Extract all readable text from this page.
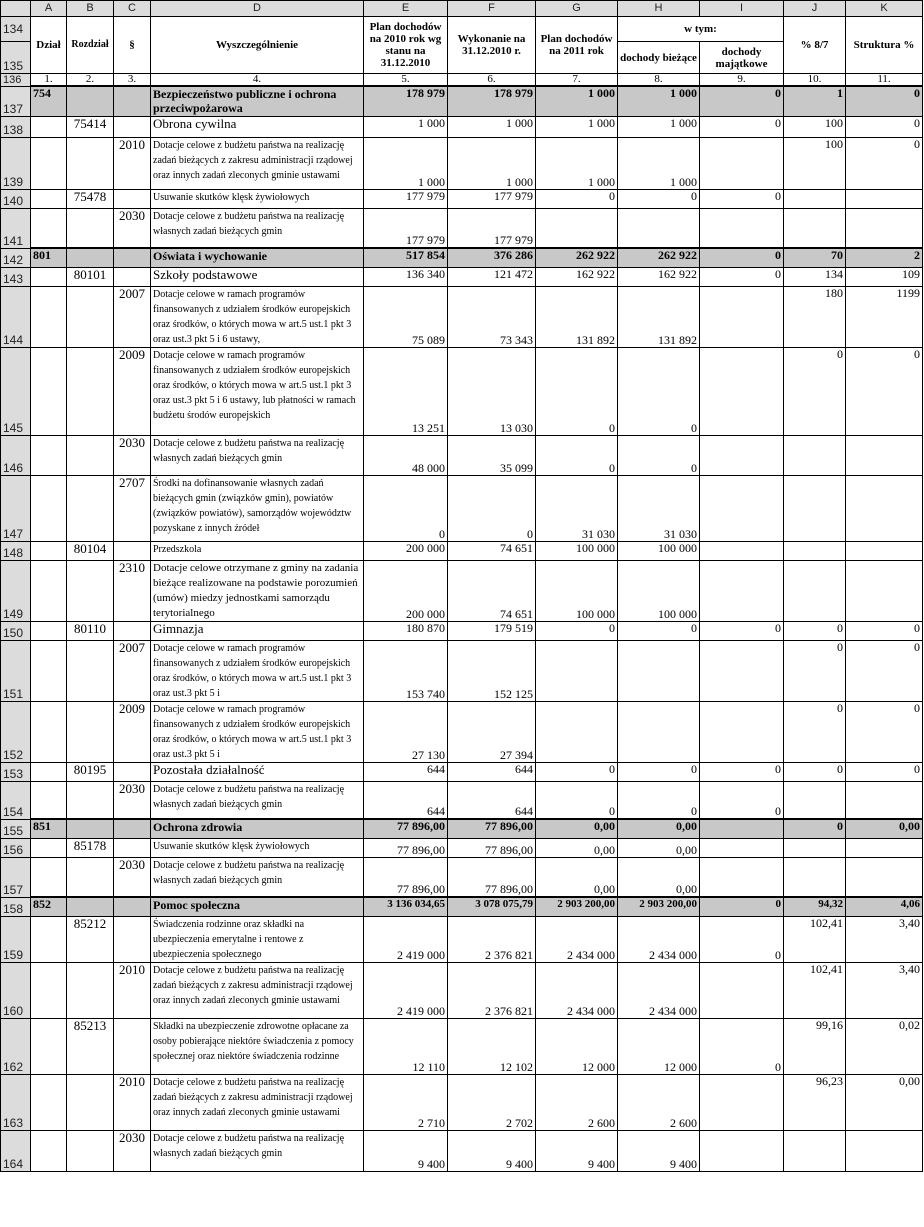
	A	B	C	D	E	F	G	H	I	J	K
134	Dział	Rozdział	§	Wyszczególnienie	Plan dochodów na 2010 rok wg stanu na 31.12.2010	Wykonanie na 31.12.2010 r.	Plan dochodów na 2011 rok	w tym:		% 8/7	Struktura %
135								dochody bieżące	dochody majątkowe		
136	1.	2.	3.	4.	5.	6.	7.	8.	9.	10.	11.
137	754			Bezpieczeństwo publiczne i ochrona przeciwpożarowa	178 979	178 979	1 000	1 000	0	1	0
138		75414		Obrona cywilna	1 000	1 000	1 000	1 000	0	100	0
139			2010	Dotacje celowe z budżetu państwa na realizację zadań bieżących z zakresu administracji rządowej oraz innych zadań zleconych gminie ustawami	1 000	1 000	1 000	1 000		100	0
140		75478		Usuwanie skutków klęsk żywiołowych	177 979	177 979	0	0	0		
141			2030	Dotacje celowe z budżetu państwa na realizację własnych zadań bieżących gmin	177 979	177 979					
142	801			Oświata i wychowanie	517 854	376 286	262 922	262 922	0	70	2
143		80101		Szkoły podstawowe	136 340	121 472	162 922	162 922	0	134	109
144			2007	Dotacje celowe w ramach programów finansowanych z udziałem środków europejskich oraz środków, o których mowa w art.5 ust.1 pkt 3 oraz ust.3 pkt 5 i 6 ustawy,	75 089	73 343	131 892	131 892		180	1199
145			2009	Dotacje celowe w ramach programów finansowanych z udziałem środków europejskich oraz środków, o których mowa w art.5 ust.1 pkt 3 oraz ust.3 pkt 5 i 6 ustawy, lub płatności w ramach budżetu środów europejskich	13 251	13 030	0	0		0	0
146			2030	Dotacje celowe z budżetu państwa na realizację własnych zadań bieżących gmin	48 000	35 099	0	0			
147			2707	Środki na dofinansowanie własnych zadań bieżących gmin (związków gmin), powiatów (związków powiatów), samorządów województw pozyskane z innych źródeł	0	0	31 030	31 030			
148		80104		Przedszkola	200 000	74 651	100 000	100 000			
149			2310	Dotacje celowe otrzymane z gminy na zadania bieżące realizowane na podstawie porozumień (umów) miedzy jednostkami samorządu terytorialnego	200 000	74 651	100 000	100 000			
150		80110		Gimnazja	180 870	179 519	0	0	0	0	0
151			2007	Dotacje celowe w ramach programów finansowanych z udziałem środków europejskich oraz środków, o których mowa w art.5 ust.1 pkt 3 oraz ust.3 pkt 5 i	153 740	152 125				0	0
152			2009	Dotacje celowe w ramach programów finansowanych z udziałem środków europejskich oraz środków, o których mowa w art.5 ust.1 pkt 3 oraz ust.3 pkt 5 i	27 130	27 394				0	0
153		80195		Pozostała działalność	644	644	0	0	0	0	0
154			2030	Dotacje celowe z budżetu państwa na realizację własnych zadań bieżących gmin	644	644	0	0	0		
155	851			Ochrona zdrowia	77 896,00	77 896,00	0,00	0,00		0	0,00
156		85178		Usuwanie skutków klęsk żywiołowych	77 896,00	77 896,00	0,00	0,00			
157			2030	Dotacje celowe z budżetu państwa na realizację własnych zadań bieżących gmin	77 896,00	77 896,00	0,00	0,00			
158	852			Pomoc społeczna	3 136 034,65	3 078 075,79	2 903 200,00	2 903 200,00	0	94,32	4,06
159		85212		Świadczenia rodzinne oraz składki na ubezpieczenia emerytalne i rentowe z ubezpieczenia społecznego	2 419 000	2 376 821	2 434 000	2 434 000	0	102,41	3,40
160			2010	Dotacje celowe z budżetu państwa na realizację zadań bieżących z zakresu administracji rządowej oraz innych zadań zleconych gminie ustawami	2 419 000	2 376 821	2 434 000	2 434 000		102,41	3,40
162		85213		Składki na ubezpieczenie zdrowotne opłacane za osoby pobierające niektóre świadczenia z pomocy społecznej oraz niektóre świadczenia rodzinne	12 110	12 102	12 000	12 000	0	99,16	0,02
163			2010	Dotacje celowe z budżetu państwa na realizację zadań bieżących z zakresu administracji rządowej oraz innych zadań zleconych gminie ustawami	2 710	2 702	2 600	2 600		96,23	0,00
164			2030	Dotacje celowe z budżetu państwa na realizację własnych zadań bieżących gmin	9 400	9 400	9 400	9 400			
